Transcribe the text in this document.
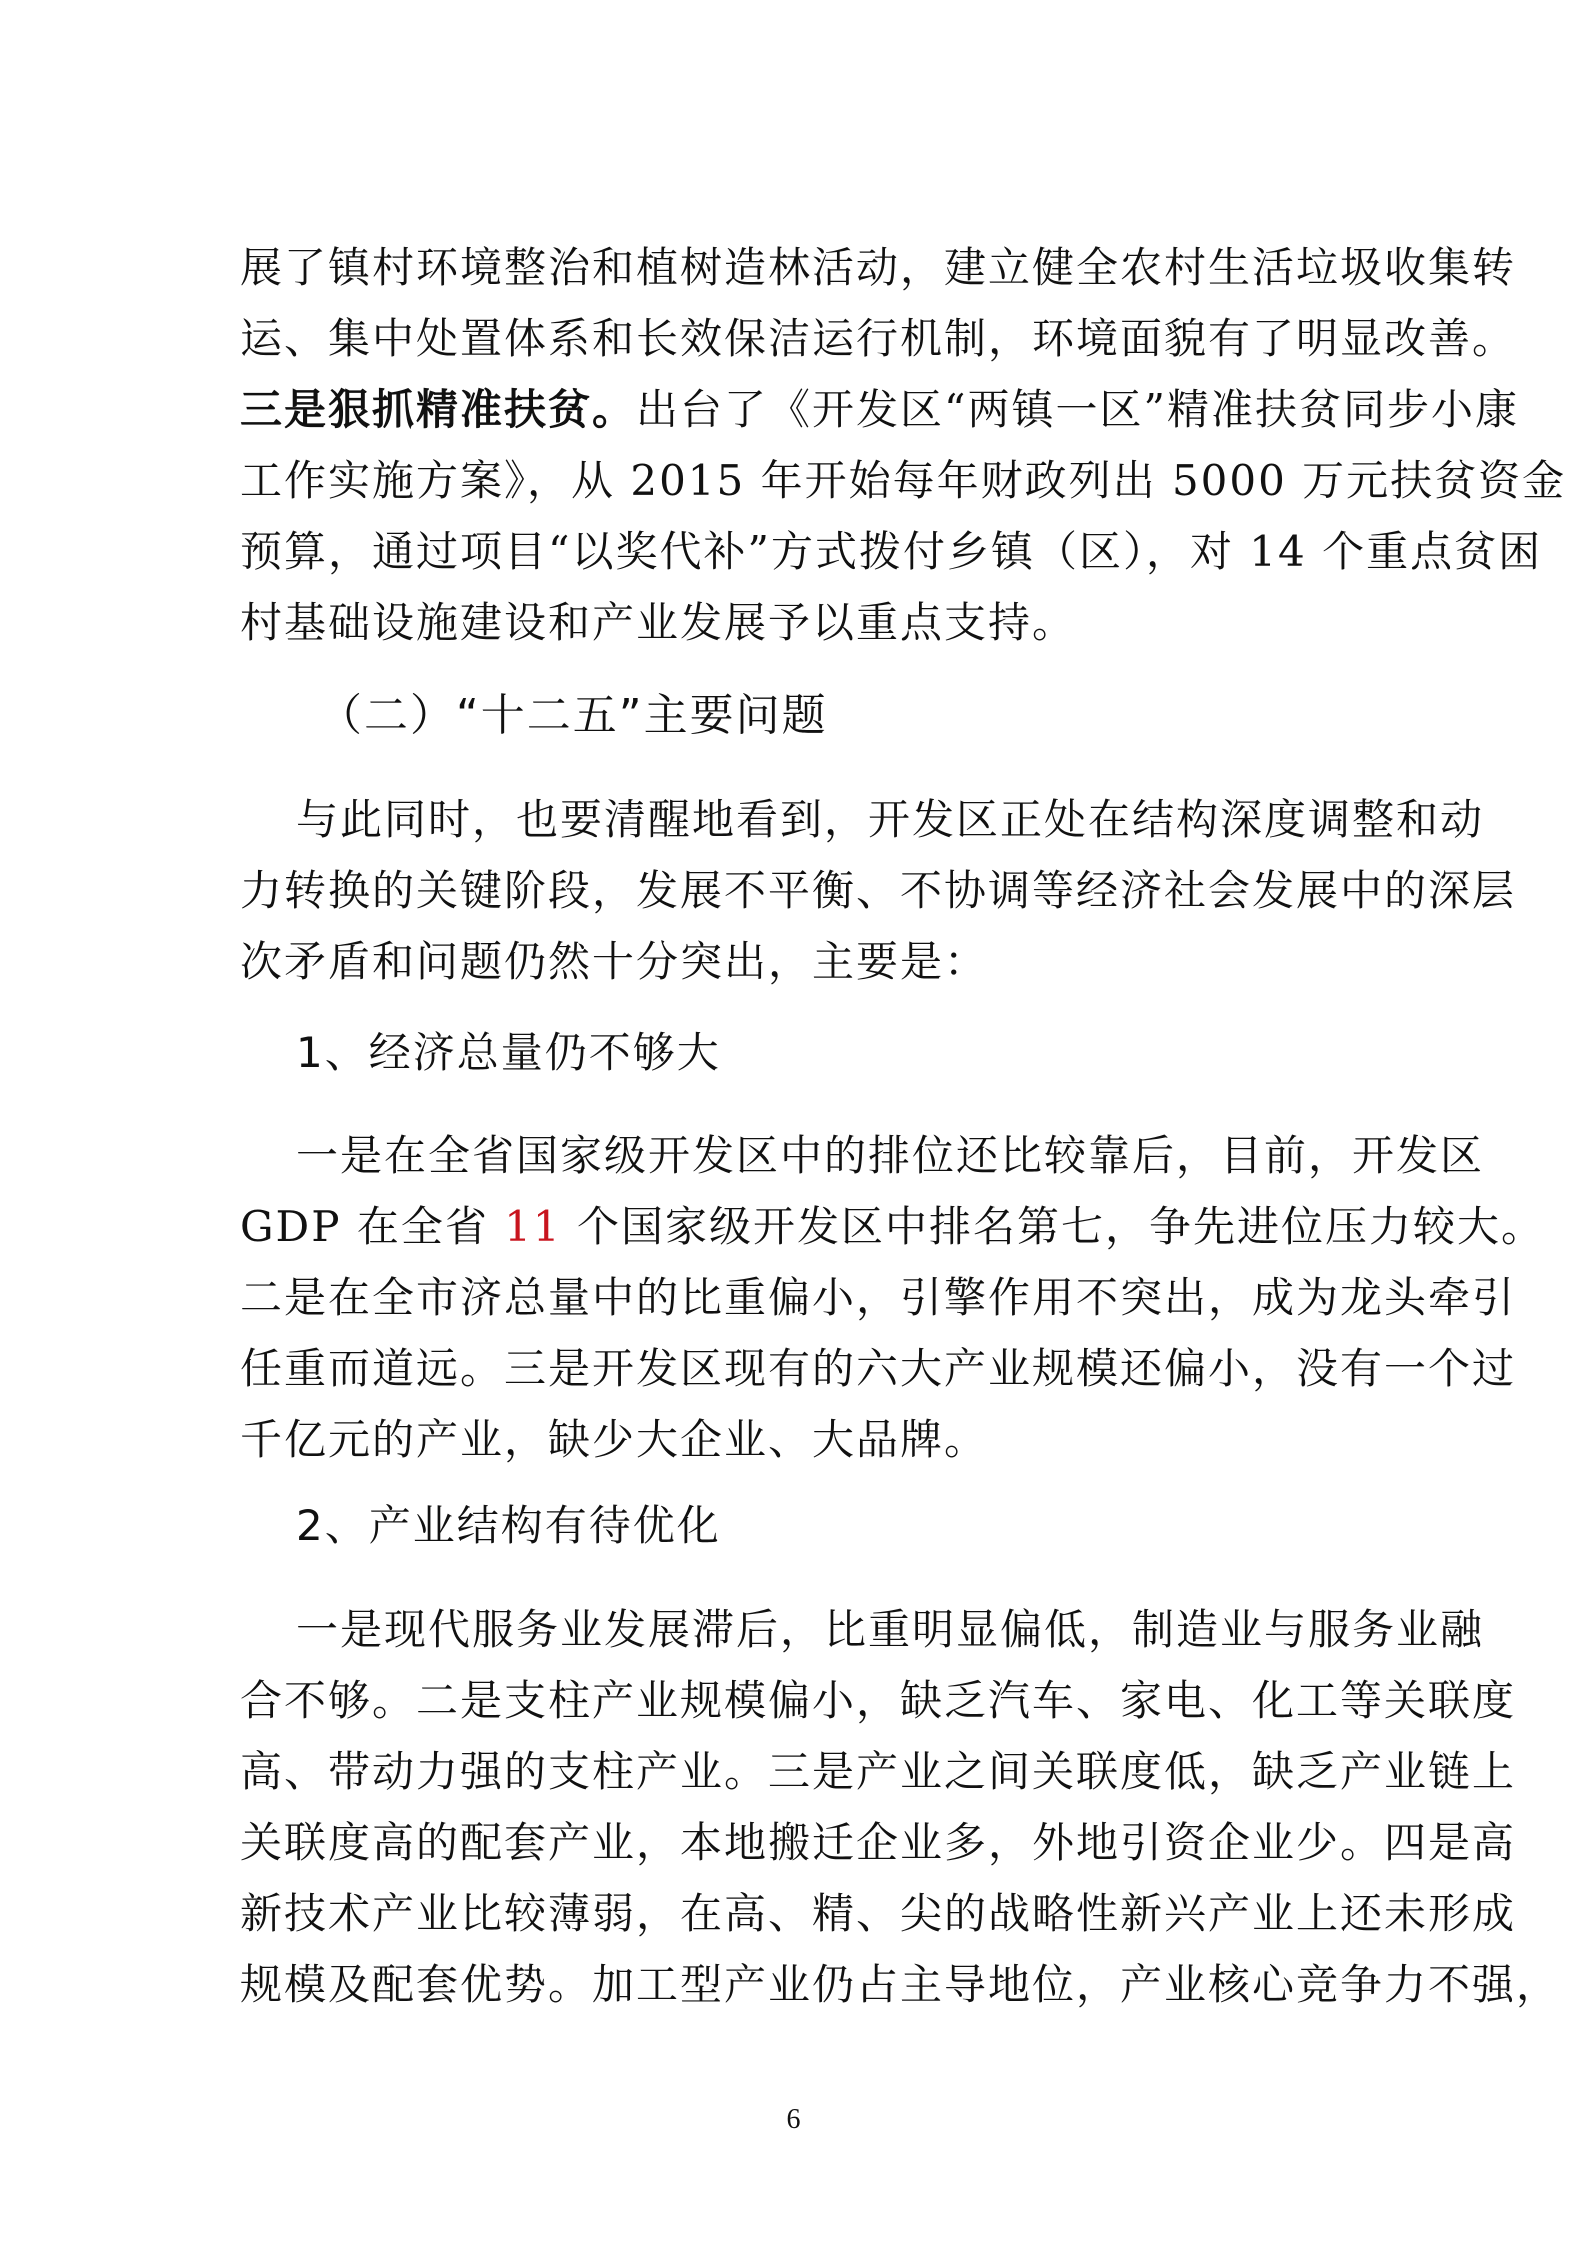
展了镇村环境整治和植树造林活动，建立健全农村生活垃圾收集转
运、集中处置体系和长效保洁运行机制，环境面貌有了明显改善。
三是狠抓精准扶贫。出台了《开发区“两镇一区”精准扶贫同步小康
工作实施方案》，从 2015 年开始每年财政列出 5000 万元扶贫资金
预算，通过项目“以奖代补”方式拨付乡镇（区），对 14 个重点贫困
村基础设施建设和产业发展予以重点支持。
（二）“十二五”主要问题
与此同时，也要清醒地看到，开发区正处在结构深度调整和动
力转换的关键阶段，发展不平衡、不协调等经济社会发展中的深层
次矛盾和问题仍然十分突出，主要是：
1、经济总量仍不够大
一是在全省国家级开发区中的排位还比较靠后，目前，开发区
GDP 在全省 11 个国家级开发区中排名第七，争先进位压力较大。
二是在全市济总量中的比重偏小，引擎作用不突出，成为龙头牵引
任重而道远。三是开发区现有的六大产业规模还偏小，没有一个过
千亿元的产业，缺少大企业、大品牌。
2、产业结构有待优化
一是现代服务业发展滞后，比重明显偏低，制造业与服务业融
合不够。二是支柱产业规模偏小，缺乏汽车、家电、化工等关联度
高、带动力强的支柱产业。三是产业之间关联度低，缺乏产业链上
关联度高的配套产业，本地搬迁企业多，外地引资企业少。四是高
新技术产业比较薄弱，在高、精、尖的战略性新兴产业上还未形成
规模及配套优势。加工型产业仍占主导地位，产业核心竞争力不强，
6
